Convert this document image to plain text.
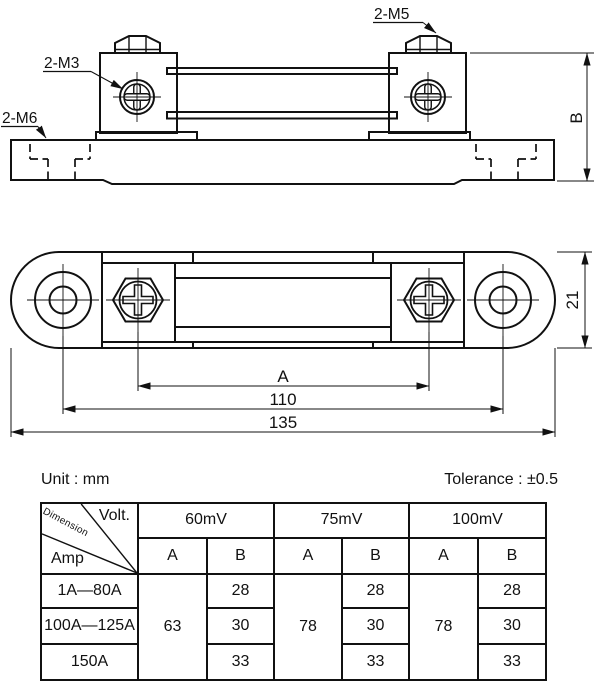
B
2-M3
2-M5
2-M6
A
110
135
21
Unit : mm	Tolerance : ±0.5
Volt.
Dimension
Amp	60mV		75mV		100mV	
	A	B	A	B	A	B
1A—80A	63	28	78	28	78	28
100A—125A		30		30		30
150A		33		33		33
